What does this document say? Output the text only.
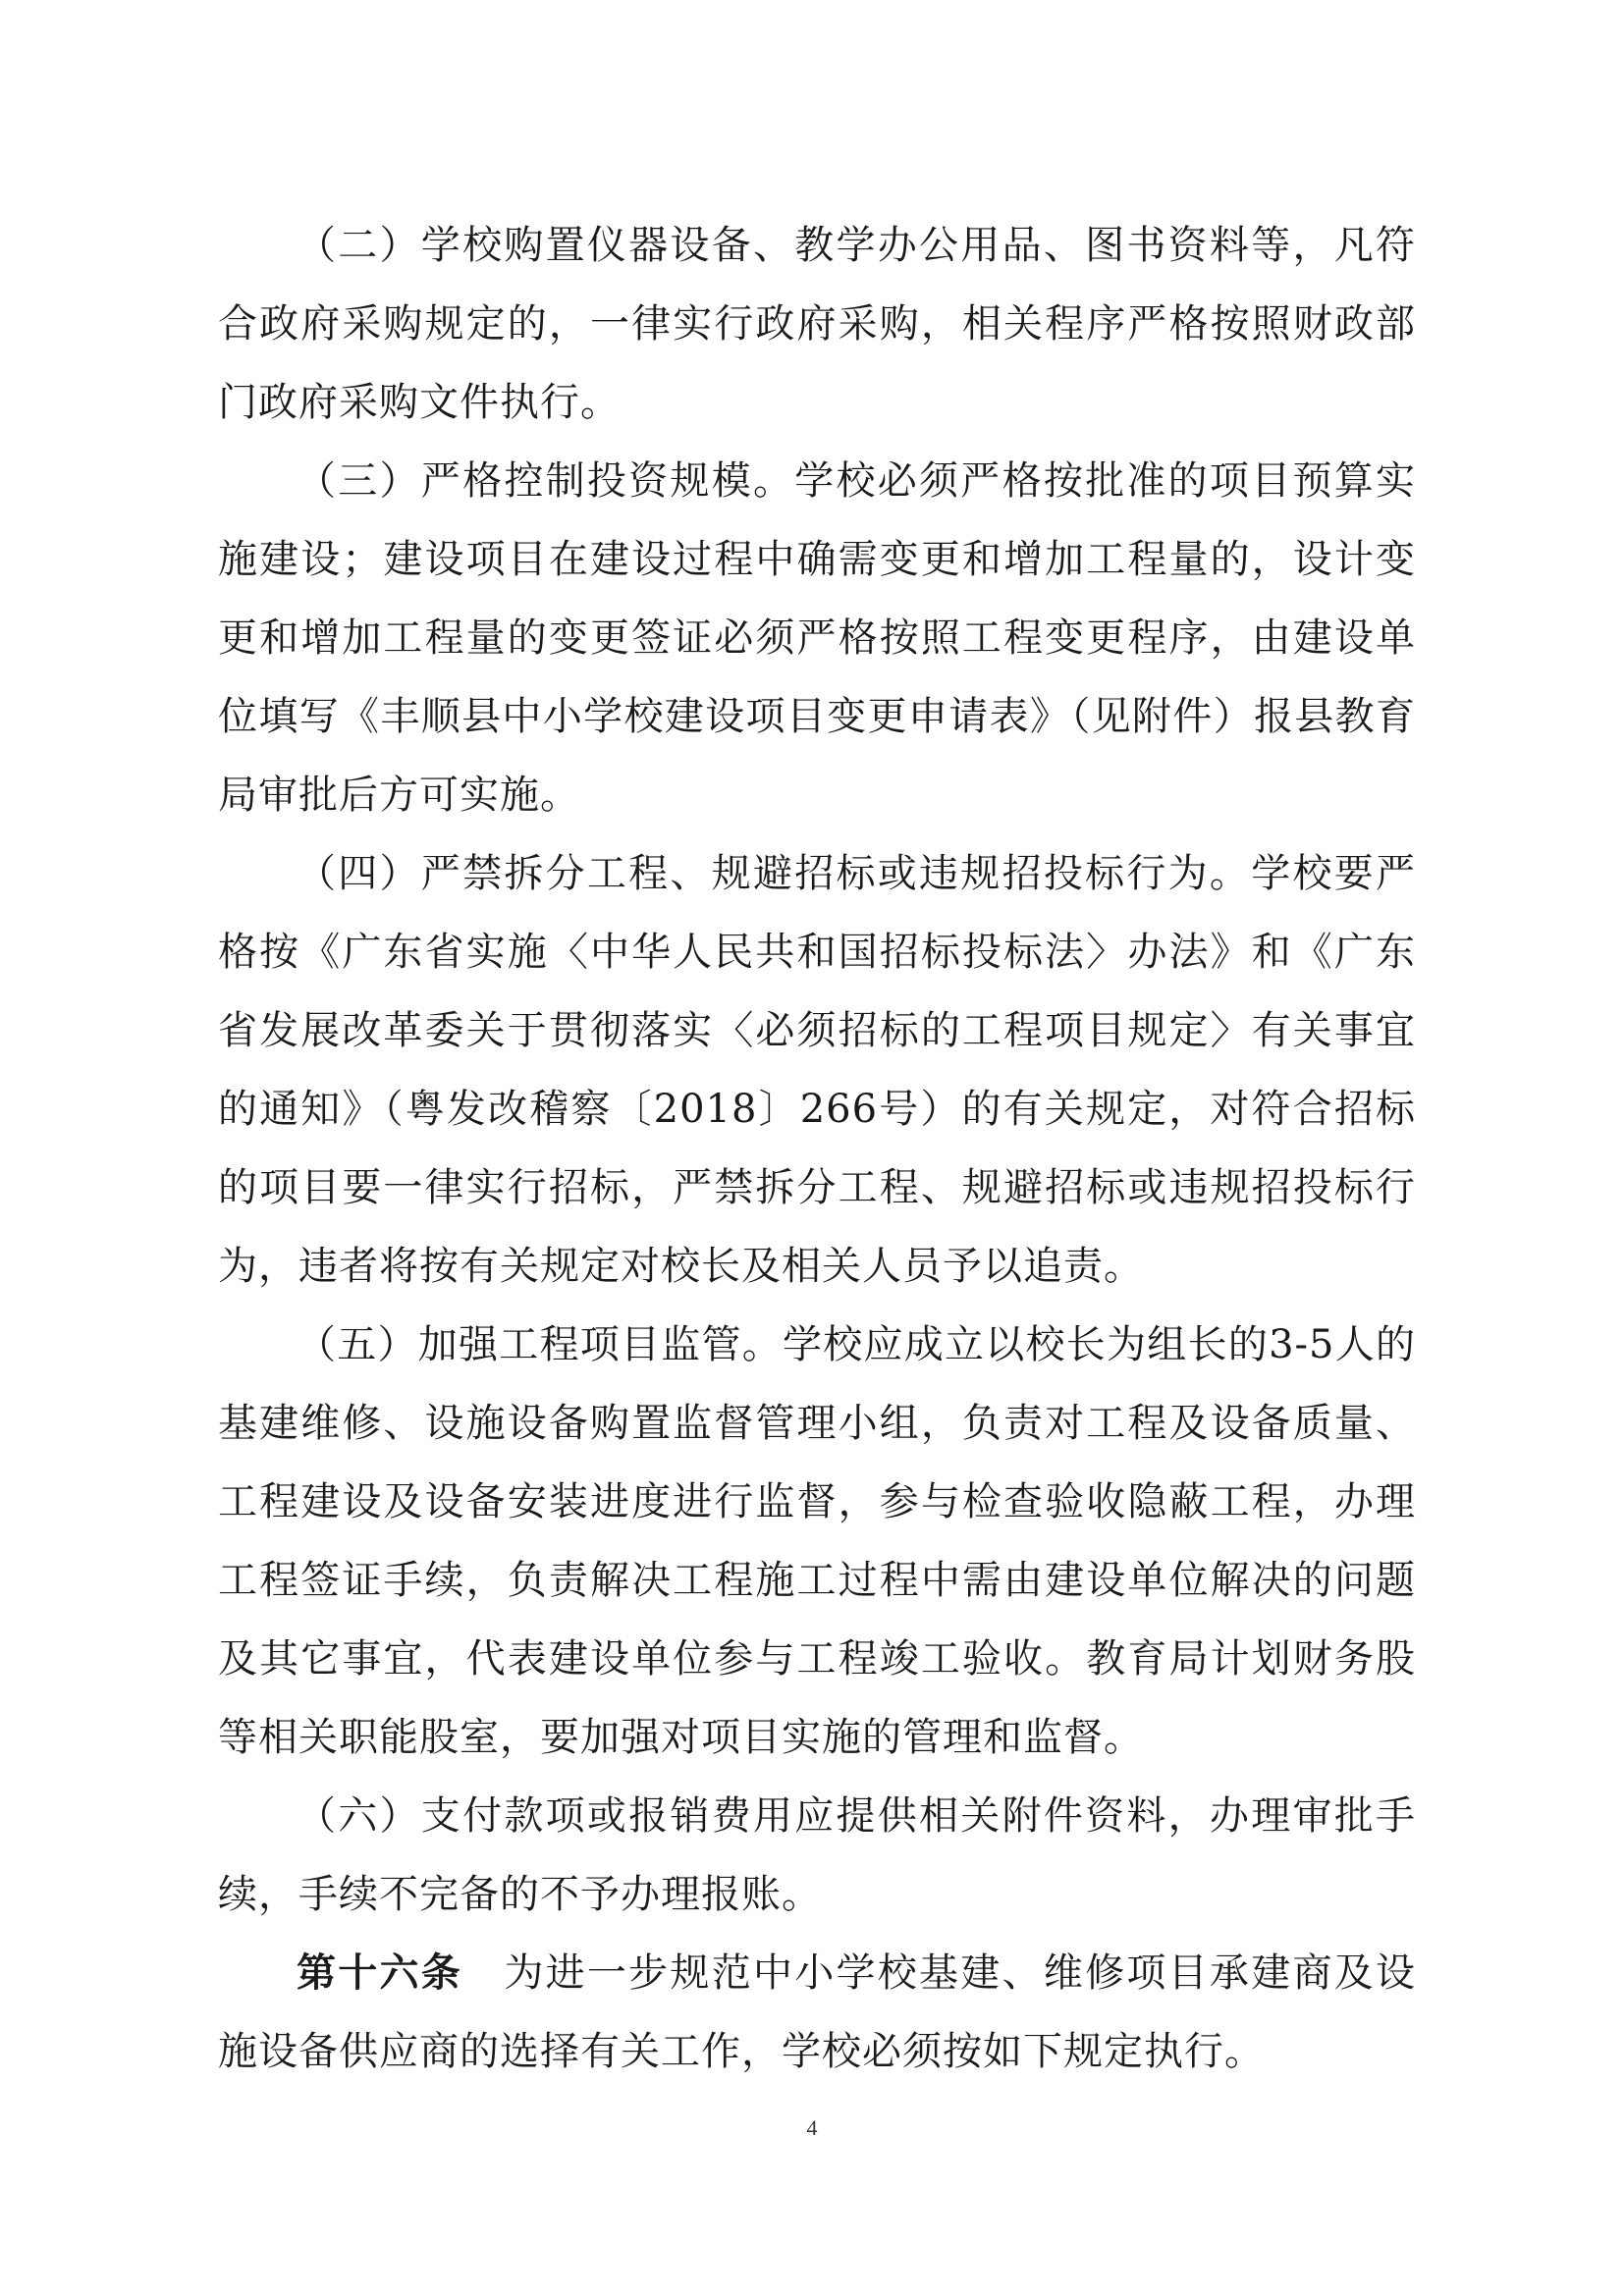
（二）学校购置仪器设备、教学办公用品、图书资料等，凡符合政府采购规定的，一律实行政府采购，相关程序严格按照财政部门政府采购文件执行。

（三）严格控制投资规模。学校必须严格按批准的项目预算实施建设；建设项目在建设过程中确需变更和增加工程量的，设计变更和增加工程量的变更签证必须严格按照工程变更程序，由建设单位填写《丰顺县中小学校建设项目变更申请表》（见附件）报县教育局审批后方可实施。

（四）严禁拆分工程、规避招标或违规招投标行为。学校要严格按《广东省实施〈中华人民共和国招标投标法〉办法》和《广东省发展改革委关于贯彻落实〈必须招标的工程项目规定〉有关事宜的通知》（粤发改稽察〔2018〕266号）的有关规定，对符合招标的项目要一律实行招标，严禁拆分工程、规避招标或违规招投标行为，违者将按有关规定对校长及相关人员予以追责。

（五）加强工程项目监管。学校应成立以校长为组长的3-5人的基建维修、设施设备购置监督管理小组，负责对工程及设备质量、工程建设及设备安装进度进行监督，参与检查验收隐蔽工程，办理工程签证手续，负责解决工程施工过程中需由建设单位解决的问题及其它事宜，代表建设单位参与工程竣工验收。教育局计划财务股等相关职能股室，要加强对项目实施的管理和监督。

（六）支付款项或报销费用应提供相关附件资料，办理审批手续，手续不完备的不予办理报账。

第十六条　为进一步规范中小学校基建、维修项目承建商及设施设备供应商的选择有关工作，学校必须按如下规定执行。

4
